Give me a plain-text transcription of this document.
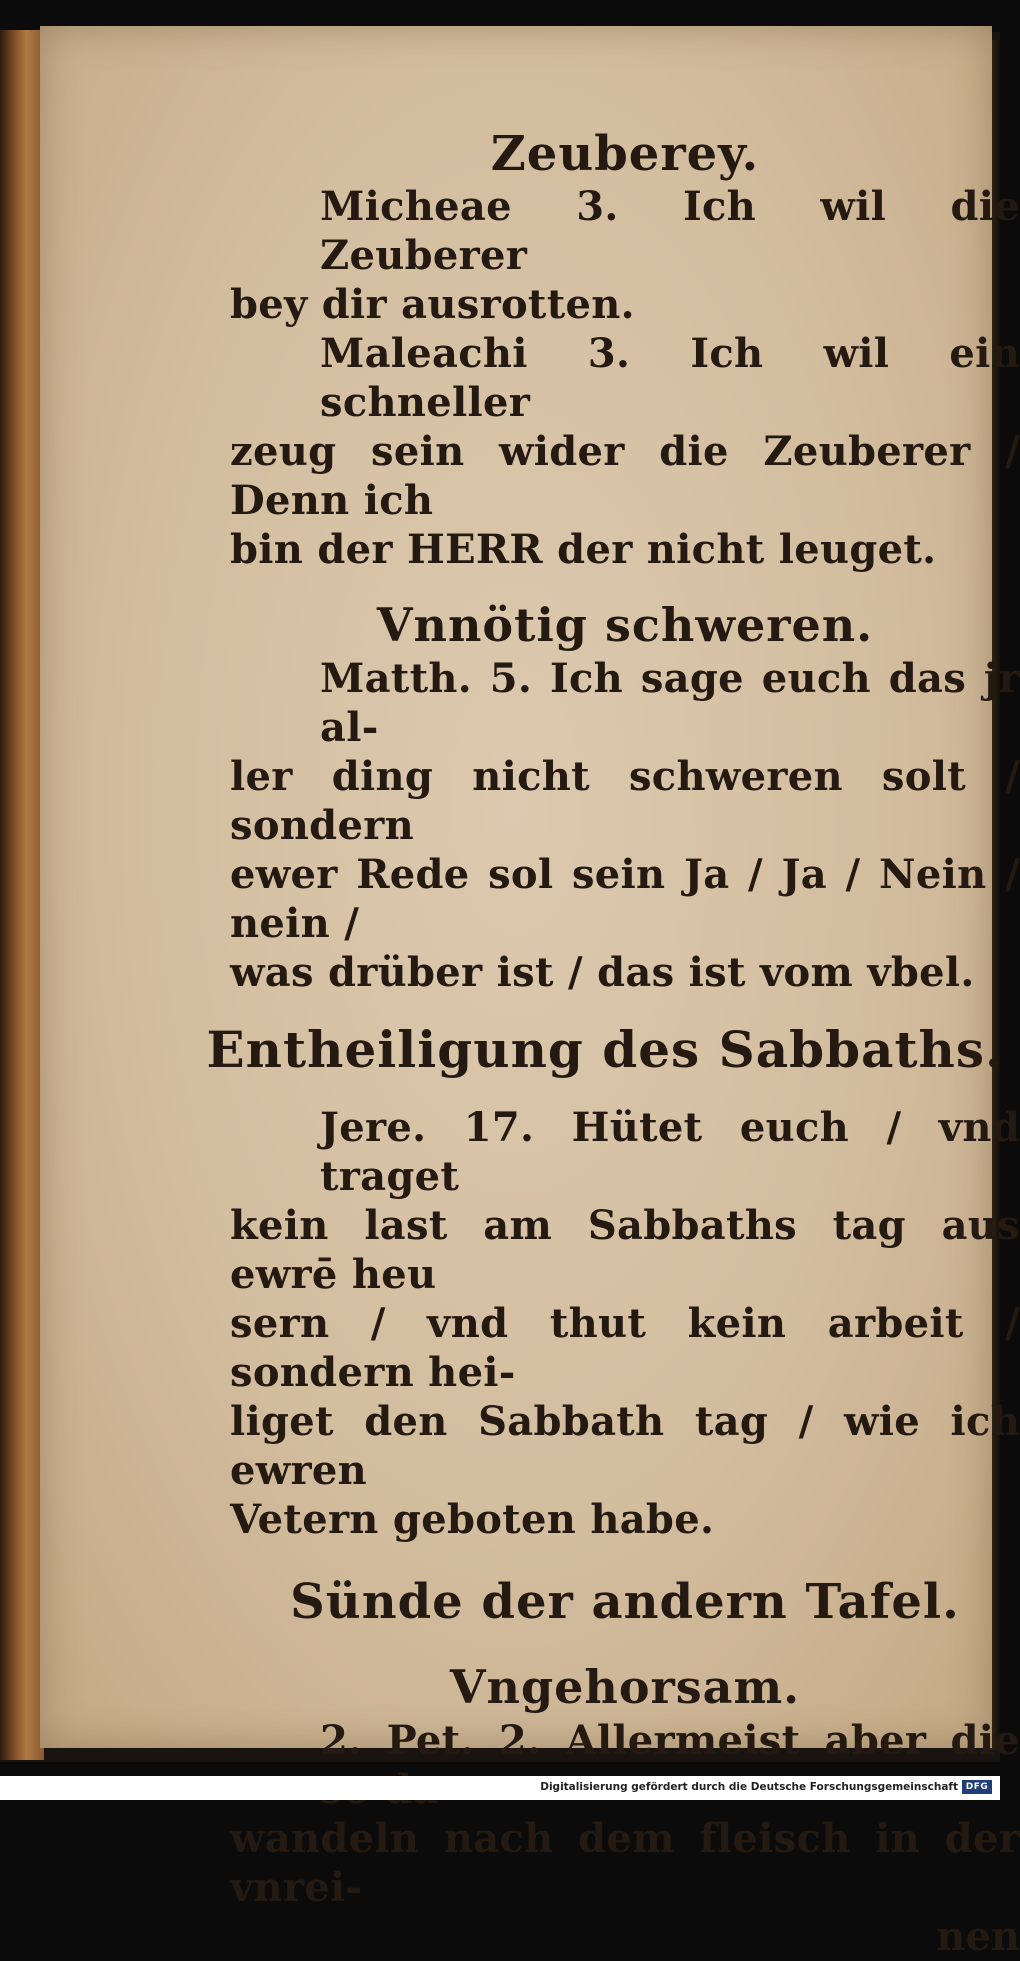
Zeuberey.

Micheae 3. Ich wil die Zeuberer
bey dir ausrotten.
Maleachi 3. Ich wil ein schneller
zeug sein wider die Zeuberer / Denn ich
bin der HERR der nicht leuget.

Vnnötig schweren.

Matth. 5. Ich sage euch das jr al-
ler ding nicht schweren solt / sondern
ewer Rede sol sein Ja / Ja / Nein / nein /
was drüber ist / das ist vom vbel.

Entheiligung des Sabbaths.

Jere. 17. Hütet euch / vnd traget
kein last am Sabbaths tag aus ewrē heu
sern / vnd thut kein arbeit / sondern hei-
liget den Sabbath tag / wie ich ewren
Vetern geboten habe.

Sünde der andern Tafel.

Vngehorsam.

2. Pet. 2. Allermeist aber die
wandeln nach dem fleisch in der vnrei-
nen
Digitalisierung gefördert durch die Deutsche Forschungsgemeinschaft DFG
